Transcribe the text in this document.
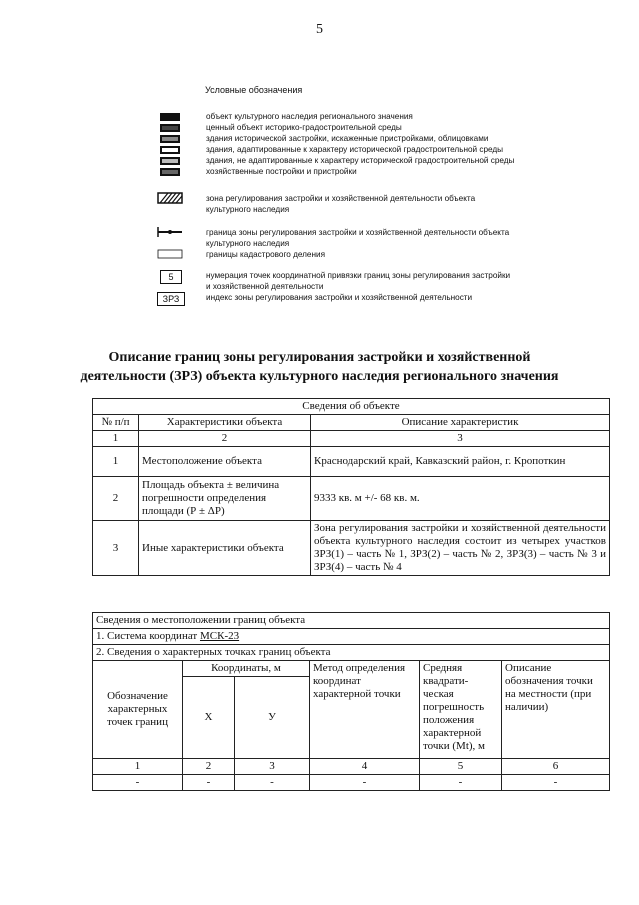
5
Условные обозначения
объект культурного наследия регионального значения
ценный объект историко-градостроительной среды
здания исторической застройки, искаженные пристройками, облицовками
здания, адаптированные к характеру исторической градостроительной среды
здания, не адаптированные к характеру исторической градостроительной среды
хозяйственные постройки и пристройки
зона регулирования застройки и хозяйственной деятельности объекта
культурного наследия
граница зоны регулирования застройки и хозяйственной деятельности объекта
культурного наследия
границы кадастрового деления
5	нумерация точек координатной привязки границ зоны регулирования застройки
и хозяйственной деятельности
ЗРЗ	индекс зоны регулирования застройки и хозяйственной деятельности
Описание границ зоны регулирования застройки и хозяйственной
деятельности (ЗРЗ) объекта культурного наследия регионального значения
Сведения об объекте		
№ п/п	Характеристики объекта	Описание характеристик
1	2	3
1	Местоположение объекта	Краснодарский край, Кавказский район, г. Кропоткин
2	Площадь объекта ± величина погрешности определения площади (Р ± ΔР)	9333 кв. м +/- 68 кв. м.
3	Иные характеристики объекта	Зона регулирования застройки и хозяйственной деятельности объекта культурного наследия состоит из четырех участков ЗРЗ(1) – часть № 1, ЗРЗ(2) – часть № 2, ЗРЗ(3) – часть № 3 и ЗРЗ(4) – часть № 4
Сведения о местоположении границ объекта					
1. Система координат МСК-23					
2. Сведения о характерных точках границ объекта					
Обозначение характерных точек границ	Координаты, м		Метод определения координат характерной точки	Средняя квадрати-ческая погрешность положения характерной точки (Mt), м	Описание обозначения точки на местности (при наличии)
	Х	У			
1	2	3	4	5	6
-	-	-	-	-	-
